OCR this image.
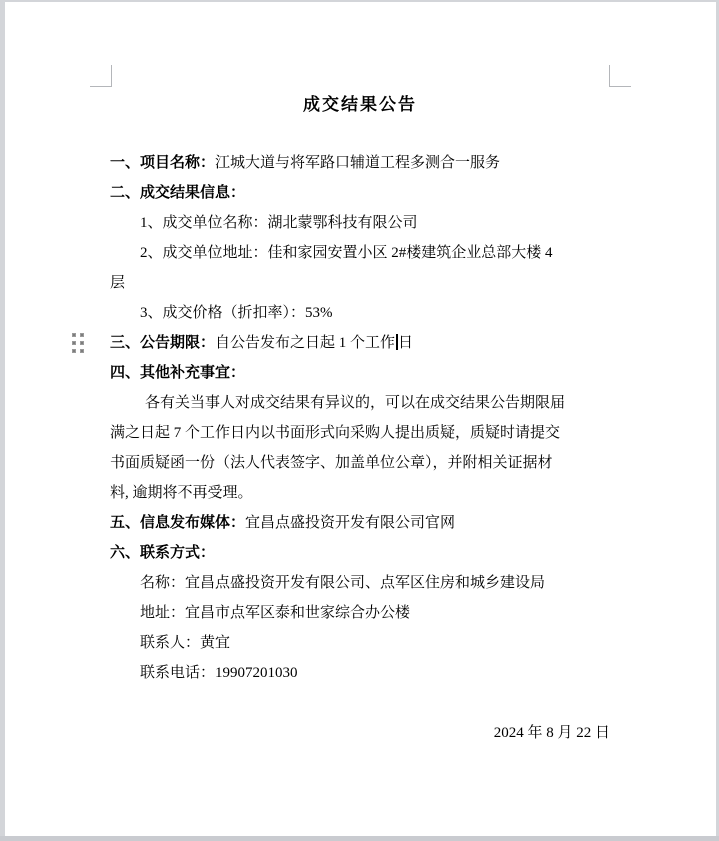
成交结果公告
一、项目名称：江城大道与将军路口辅道工程多测合一服务
二、成交结果信息：
1、成交单位名称：湖北蒙鄂科技有限公司
2、成交单位地址：佳和家园安置小区 2#楼建筑企业总部大楼 4
层
3、成交价格（折扣率）：53%
三、公告期限：自公告发布之日起 1 个工作 日
四、其他补充事宜：
各有关当事人对成交结果有异议的，可以在成交结果公告期限届
满之日起 7 个工作日内以书面形式向采购人提出质疑，质疑时请提交
书面质疑函一份（法人代表签字、加盖单位公章），并附相关证据材
料, 逾期将不再受理。
五、信息发布媒体：宜昌点盛投资开发有限公司官网
六、联系方式：
名称：宜昌点盛投资开发有限公司、点军区住房和城乡建设局
地址：宜昌市点军区泰和世家综合办公楼
联系人：黄宜
联系电话：19907201030
2024 年 8 月 22 日
